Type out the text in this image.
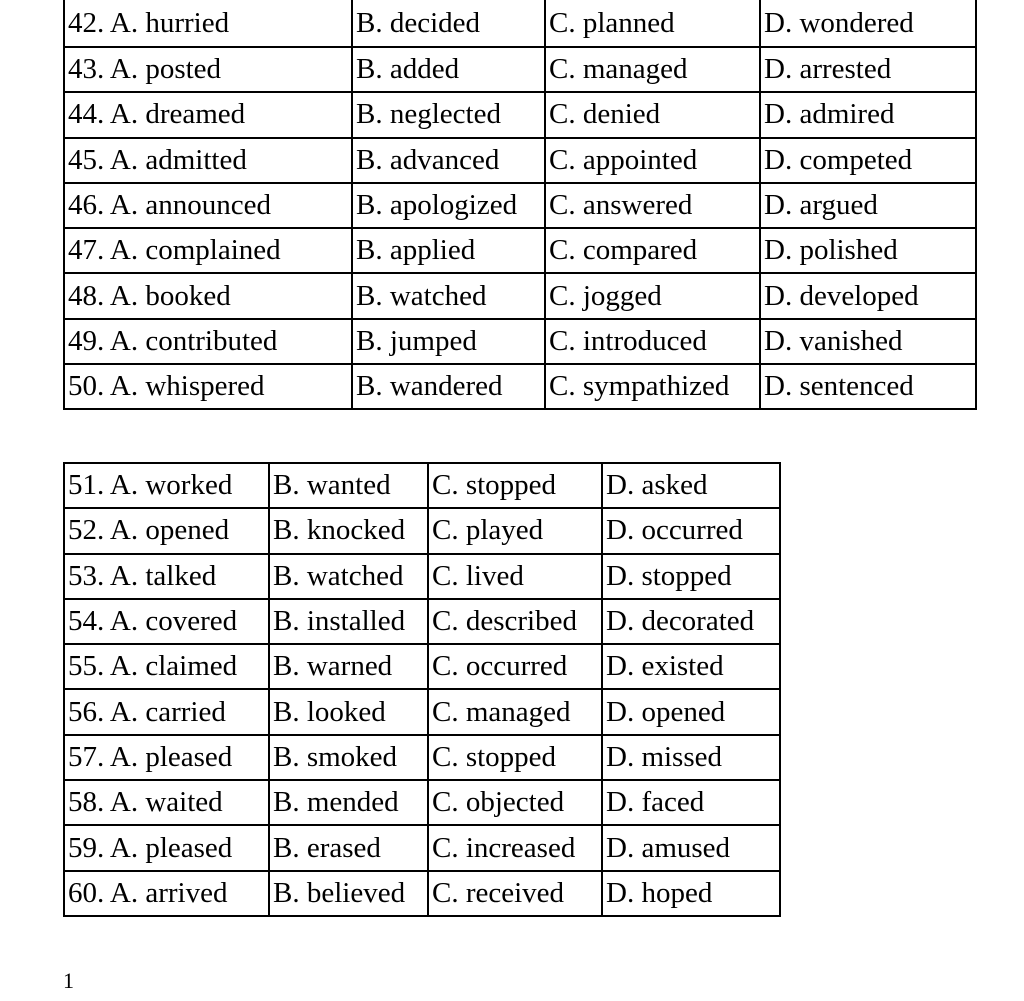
42. A. hurried	B. decided	C. planned	D. wondered
43. A. posted	B. added	C. managed	D. arrested
44. A. dreamed	B. neglected	C. denied	D. admired
45. A. admitted	B. advanced	C. appointed	D. competed
46. A. announced	B. apologized	C. answered	D. argued
47. A. complained	B. applied	C. compared	D. polished
48. A. booked	B. watched	C. jogged	D. developed
49. A. contributed	B. jumped	C. introduced	D. vanished
50. A. whispered	B. wandered	C. sympathized	D. sentenced
51. A. worked	B. wanted	C. stopped	D. asked
52. A. opened	B. knocked	C. played	D. occurred
53. A. talked	B. watched	C. lived	D. stopped
54. A. covered	B. installed	C. described	D. decorated
55. A. claimed	B. warned	C. occurred	D. existed
56. A. carried	B. looked	C. managed	D. opened
57. A. pleased	B. smoked	C. stopped	D. missed
58. A. waited	B. mended	C. objected	D. faced
59. A. pleased	B. erased	C. increased	D. amused
60. A. arrived	B. believed	C. received	D. hoped
1
